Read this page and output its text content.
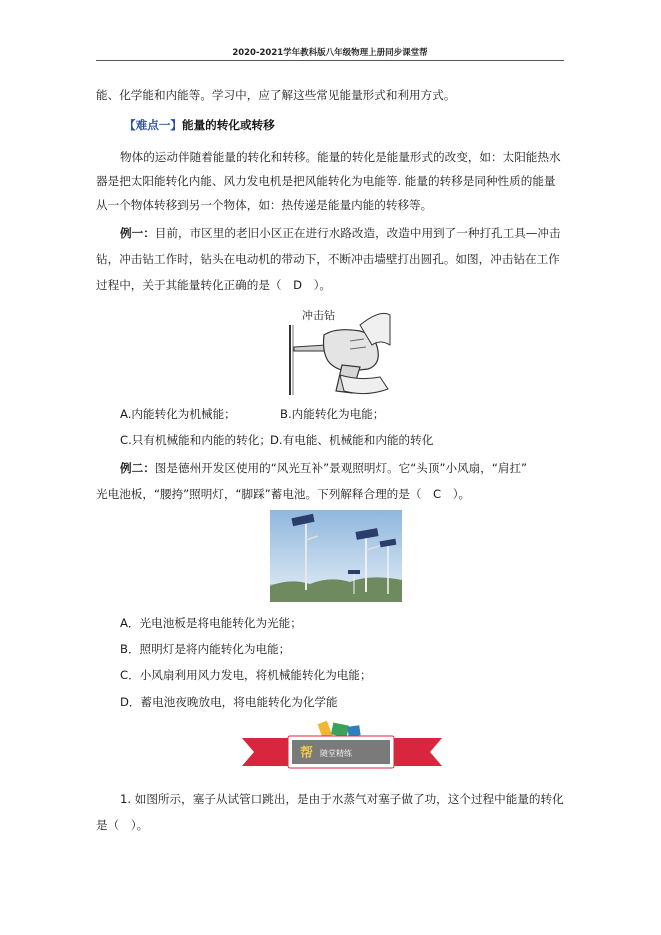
2020-2021学年教科版八年级物理上册同步课堂帮
能、化学能和内能等。学习中，应了解这些常见能量形式和利用方式。
【难点一】能量的转化或转移
物体的运动伴随着能量的转化和转移。能量的转化是能量形式的改变，如：太阳能热水
器是把太阳能转化内能、风力发电机是把风能转化为电能等. 能量的转移是同种性质的能量
从一个物体转移到另一个物体，如：热传递是能量内能的转移等。
例一：目前，市区里的老旧小区正在进行水路改造，改造中用到了一种打孔工具—冲击
钻，冲击钻工作时，钻头在电动机的带动下，不断冲击墙壁打出圆孔。如图，冲击钻在工作
过程中，关于其能量转化正确的是（　D　）。
冲击钻
A.内能转化为机械能；	B.内能转化为电能；
C.只有机械能和内能的转化； D.有电能、机械能和内能的转化
例二：图是德州开发区使用的“风光互补”景观照明灯。它“头顶”小风扇，“肩扛”
光电池板，“腰挎”照明灯，“脚踩”蓄电池。下列解释合理的是（　C　）。
A．光电池板是将电能转化为光能；
B．照明灯是将内能转化为电能；
C．小风扇利用风力发电，将机械能转化为电能；
D．蓄电池夜晚放电，将电能转化为化学能
帮 随堂精练
1. 如图所示，塞子从试管口跳出，是由于水蒸气对塞子做了功，这个过程中能量的转化
是（　）。
